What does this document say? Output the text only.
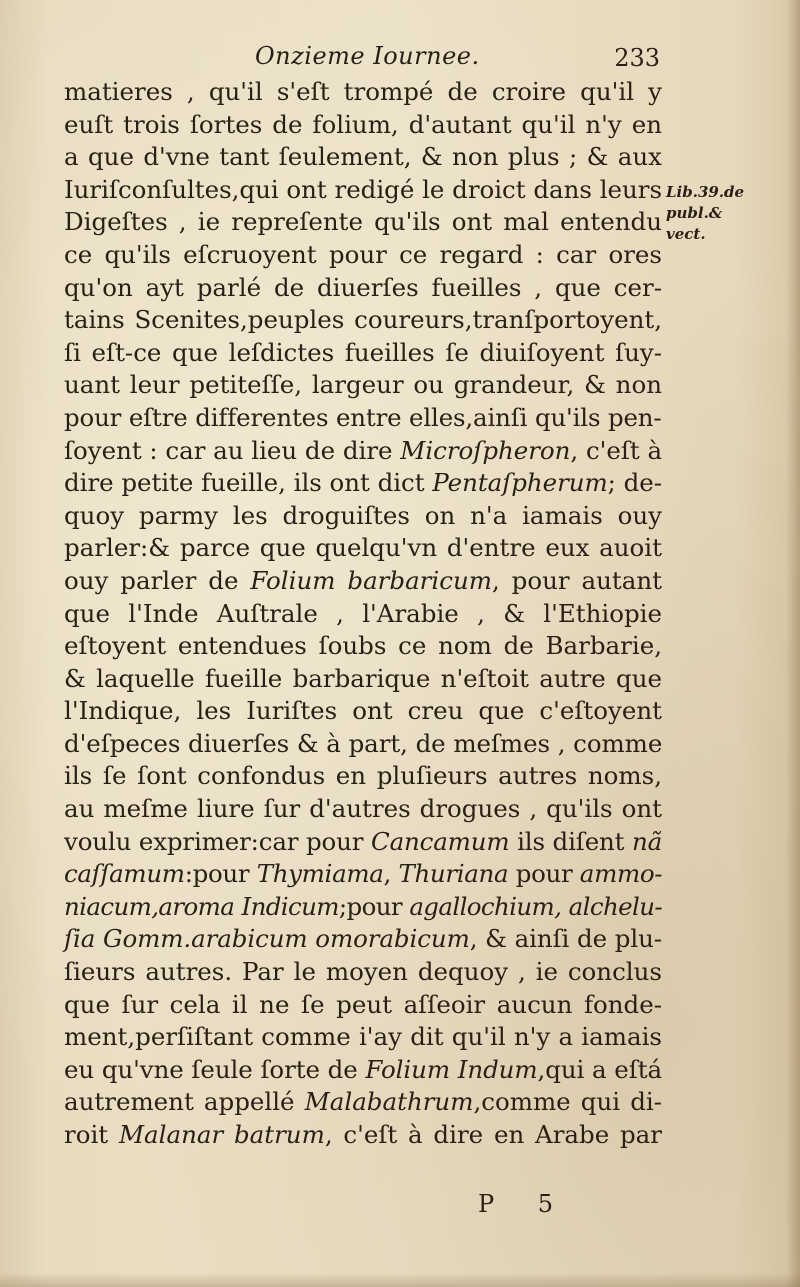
Onzieme Iournee.	233
matieres , qu'il s'eſt trompé de croire qu'il y
euſt trois ſortes de folium, d'autant qu'il n'y en
a que d'vne tant ſeulement, & non plus ; & aux
Iuriſconſultes,qui ont redigé le droict dans leurs
Digeſtes , ie repreſente qu'ils ont mal entendu
ce qu'ils eſcruoyent pour ce regard : car ores
qu'on ayt parlé de diuerſes fueilles , que cer-
tains Scenites,peuples coureurs,tranſportoyent,
ſi eſt-ce que leſdictes fueilles ſe diuiſoyent ſuy-
uant leur petiteſſe, largeur ou grandeur, & non
pour eſtre differentes entre elles,ainſi qu'ils pen-
ſoyent : car au lieu de dire Microſpheron, c'eſt à
dire petite fueille, ils ont dict Pentaſpherum; de-
quoy parmy les droguiſtes on n'a iamais ouy
parler:& parce que quelqu'vn d'entre eux auoit
ouy parler de Folium barbaricum, pour autant
que l'Inde Auſtrale , l'Arabie , & l'Ethiopie
eſtoyent entendues ſoubs ce nom de Barbarie,
& laquelle fueille barbarique n'eſtoit autre que
l'Indique, les Iuriſtes ont creu que c'eſtoyent
d'eſpeces diuerſes & à part, de meſmes , comme
ils ſe ſont confondus en pluſieurs autres noms,
au meſme liure ſur d'autres drogues , qu'ils ont
voulu exprimer:car pour Cancamum ils diſent nã
caſſamum:pour Thymiama, Thuriana pour ammo-
niacum,aroma Indicum;pour agallochium, alchelu-
ſia Gomm.arabicum omorabicum, & ainſi de plu-
ſieurs autres. Par le moyen dequoy , ie conclus
que ſur cela il ne ſe peut aſſeoir aucun fonde-
ment,perſiſtant comme i'ay dit qu'il n'y a iamais
eu qu'vne ſeule ſorte de Folium Indum,qui a eſtá
autrement appellé Malabathrum,comme qui di-
roit Malanar batrum, c'eſt à dire en Arabe par
Lib.39.de
publ.&
vect.
P 5
